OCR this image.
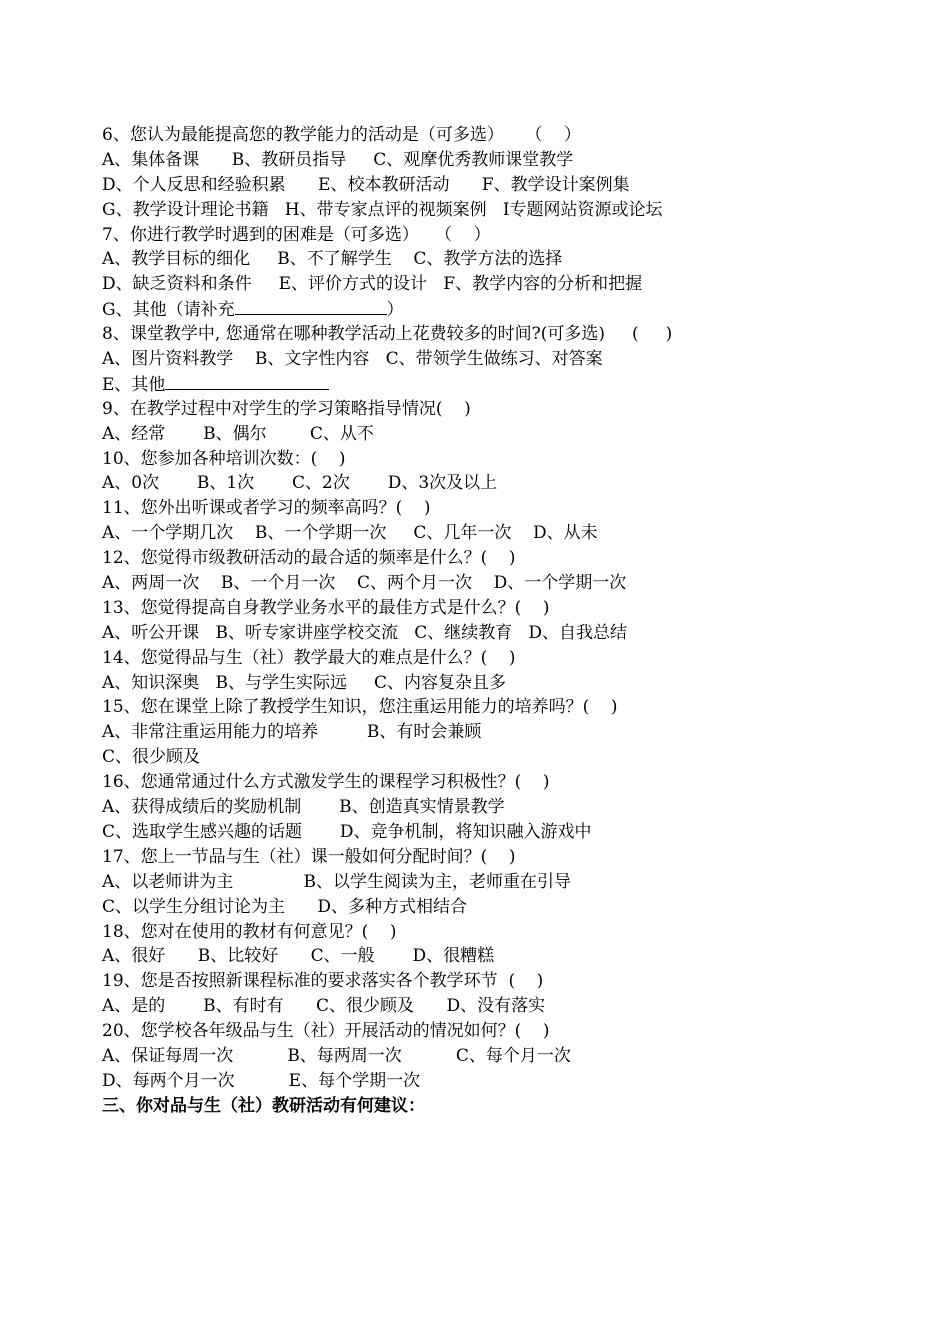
6、您认为最能提高您的教学能力的活动是（可多选）    （    ）
A、集体备课      B、教研员指导     C、观摩优秀教师课堂教学
D、个人反思和经验积累      E、校本教研活动      F、教学设计案例集
G、教学设计理论书籍   H、带专家点评的视频案例   I专题网站资源或论坛
7、你进行教学时遇到的困难是（可多选）   （    ）
A、教学目标的细化     B、不了解学生    C、教学方法的选择
D、缺乏资料和条件     E、评价方式的设计   F、教学内容的分析和把握
G、其他（请补充	）
8、课堂教学中, 您通常在哪种教学活动上花费较多的时间?(可多选)     (     )
A、图片资料教学    B、文字性内容   C、带领学生做练习、对答案
E、其他
9、在教学过程中对学生的学习策略指导情况(    )
A、经常       B、偶尔        C、从不
10、您参加各种培训次数：(    )
A、0次       B、1次       C、2次       D、3次及以上
11、您外出听课或者学习的频率高吗？(    )
A、一个学期几次    B、一个学期一次     C、几年一次    D、从未
12、您觉得市级教研活动的最合适的频率是什么？(    )
A、两周一次    B、一个月一次    C、两个月一次    D、一个学期一次
13、您觉得提高自身教学业务水平的最佳方式是什么？(    )
A、听公开课   B、听专家讲座学校交流   C、继续教育   D、自我总结
14、您觉得品与生（社）教学最大的难点是什么？(    )
A、知识深奥   B、与学生实际远     C、内容复杂且多
15、您在课堂上除了教授学生知识，您注重运用能力的培养吗？(    )
A、非常注重运用能力的培养         B、有时会兼顾
C、很少顾及
16、您通常通过什么方式激发学生的课程学习积极性？(    )
A、获得成绩后的奖励机制       B、创造真实情景教学
C、选取学生感兴趣的话题       D、竞争机制，将知识融入游戏中
17、您上一节品与生（社）课一般如何分配时间？(    )
A、以老师讲为主             B、以学生阅读为主，老师重在引导
C、以学生分组讨论为主      D、多种方式相结合
18、您对在使用的教材有何意见？(    )
A、很好      B、比较好      C、一般       D、很糟糕
19、您是否按照新课程标准的要求落实各个教学环节  (    )
A、是的       B、有时有      C、很少顾及      D、没有落实
20、您学校各年级品与生（社）开展活动的情况如何？(    )
A、保证每周一次          B、每两周一次          C、每个月一次
D、每两个月一次          E、每个学期一次
三、你对品与生（社）教研活动有何建议：
